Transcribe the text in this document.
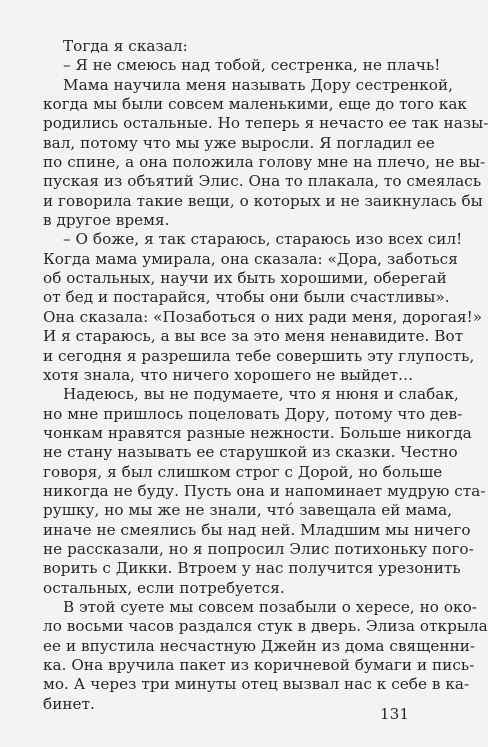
Тогда я сказал:
– Я не смеюсь над тобой, сестренка, не плачь!
Мама научила меня называть Дору сестренкой,
когда мы были совсем маленькими, еще до того как
родились остальные. Но теперь я нечасто ее так назы-
вал, потому что мы уже выросли. Я погладил ее
по спине, а она положила голову мне на плечо, не вы-
пуская из объятий Элис. Она то плакала, то смеялась
и говорила такие вещи, о которых и не заикнулась бы
в другое время.
– О боже, я так стараюсь, стараюсь изо всех сил!
Когда мама умирала, она сказала: «Дора, заботься
об остальных, научи их быть хорошими, оберегай
от бед и постарайся, чтобы они были счастливы».
Она сказала: «Позаботься о них ради меня, дорогая!»
И я стараюсь, а вы все за это меня ненавидите. Вот
и сегодня я разрешила тебе совершить эту глупость,
хотя знала, что ничего хорошего не выйдет…
Надеюсь, вы не подумаете, что я нюня и слабак,
но мне пришлось поцеловать Дору, потому что дев-
чонкам нравятся разные нежности. Больше никогда
не стану называть ее старушкой из сказки. Честно
говоря, я был слишком строг с Дорой, но больше
никогда не буду. Пусть она и напоминает мудрую ста-
рушку, но мы же не знали, что́ завещала ей мама,
иначе не смеялись бы над ней. Младшим мы ничего
не рассказали, но я попросил Элис потихоньку пого-
ворить с Дикки. Втроем у нас получится урезонить
остальных, если потребуется.
В этой суете мы совсем позабыли о хересе, но око-
ло восьми часов раздался стук в дверь. Элиза открыла
ее и впустила несчастную Джейн из дома священни-
ка. Она вручила пакет из коричневой бумаги и пись-
мо. А через три минуты отец вызвал нас к себе в ка-
бинет.
131
